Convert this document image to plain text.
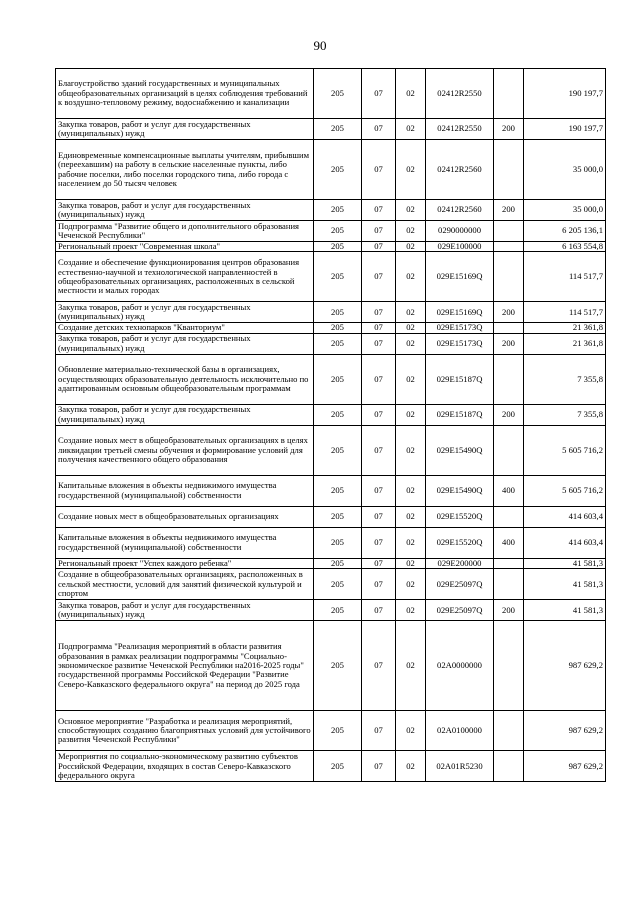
90
Благоустройство зданий государственных и муниципальных общеобразовательных организаций в целях соблюдения требований к воздушно-тепловому режиму, водоснабжению и канализации	205	07	02	02412R2550		190 197,7
Закупка товаров, работ и услуг для государственных (муниципальных) нужд	205	07	02	02412R2550	200	190 197,7
Единовременные компенсационные выплаты учителям, прибывшим (переехавшим) на работу в сельские населенные пункты, либо рабочие поселки, либо поселки городского типа, либо города с населением до 50 тысяч человек	205	07	02	02412R2560		35 000,0
Закупка товаров, работ и услуг для государственных (муниципальных) нужд	205	07	02	02412R2560	200	35 000,0
Подпрограмма "Развитие общего и дополнительного образования Чеченской Республики"	205	07	02	0290000000		6 205 136,1
Региональный проект "Современная школа"	205	07	02	029E100000		6 163 554,8
Создание и обеспечение функционирования центров образования естественно-научной и технологической направленностей в общеобразовательных организациях, расположенных в сельской местности и малых городах	205	07	02	029E15169Q		114 517,7
Закупка товаров, работ и услуг для государственных (муниципальных) нужд	205	07	02	029E15169Q	200	114 517,7
Создание детских технопарков "Кванториум"	205	07	02	029E15173Q		21 361,8
Закупка товаров, работ и услуг для государственных (муниципальных) нужд	205	07	02	029E15173Q	200	21 361,8
Обновление материально-технической базы в организациях, осуществляющих образовательную деятельность исключительно по адаптированным основным общеобразовательным программам	205	07	02	029E15187Q		7 355,8
Закупка товаров, работ и услуг для государственных (муниципальных) нужд	205	07	02	029E15187Q	200	7 355,8
Создание новых мест в общеобразовательных организациях в целях ликвидации третьей смены обучения и формирование условий для получения качественного общего образования	205	07	02	029E15490Q		5 605 716,2
Капитальные вложения в объекты недвижимого имущества государственной (муниципальной) собственности	205	07	02	029E15490Q	400	5 605 716,2
Создание новых мест в общеобразовательных организациях	205	07	02	029E15520Q		414 603,4
Капитальные вложения в объекты недвижимого имущества государственной (муниципальной) собственности	205	07	02	029E15520Q	400	414 603,4
Региональный проект "Успех каждого ребенка"	205	07	02	029E200000		41 581,3
Создание в общеобразовательных организациях, расположенных в сельской местности, условий для занятий физической культурой и спортом	205	07	02	029E25097Q		41 581,3
Закупка товаров, работ и услуг для государственных (муниципальных) нужд	205	07	02	029E25097Q	200	41 581,3
Подпрограмма "Реализация мероприятий в области развития образования в рамках реализации подпрограммы "Социально-экономическое развитие Чеченской Республики на2016-2025 годы" государственной программы Российской Федерации "Развитие Северо-Кавказского федерального округа" на период до 2025 года	205	07	02	02А0000000		987 629,2
Основное мероприятие "Разработка и реализация мероприятий, способствующих созданию благоприятных условий для устойчивого развития Чеченской Республики"	205	07	02	02А0100000		987 629,2
Мероприятия по социально-экономическому развитию субъектов Российской Федерации, входящих в состав Северо-Кавказского федерального округа	205	07	02	02А01R5230		987 629,2
